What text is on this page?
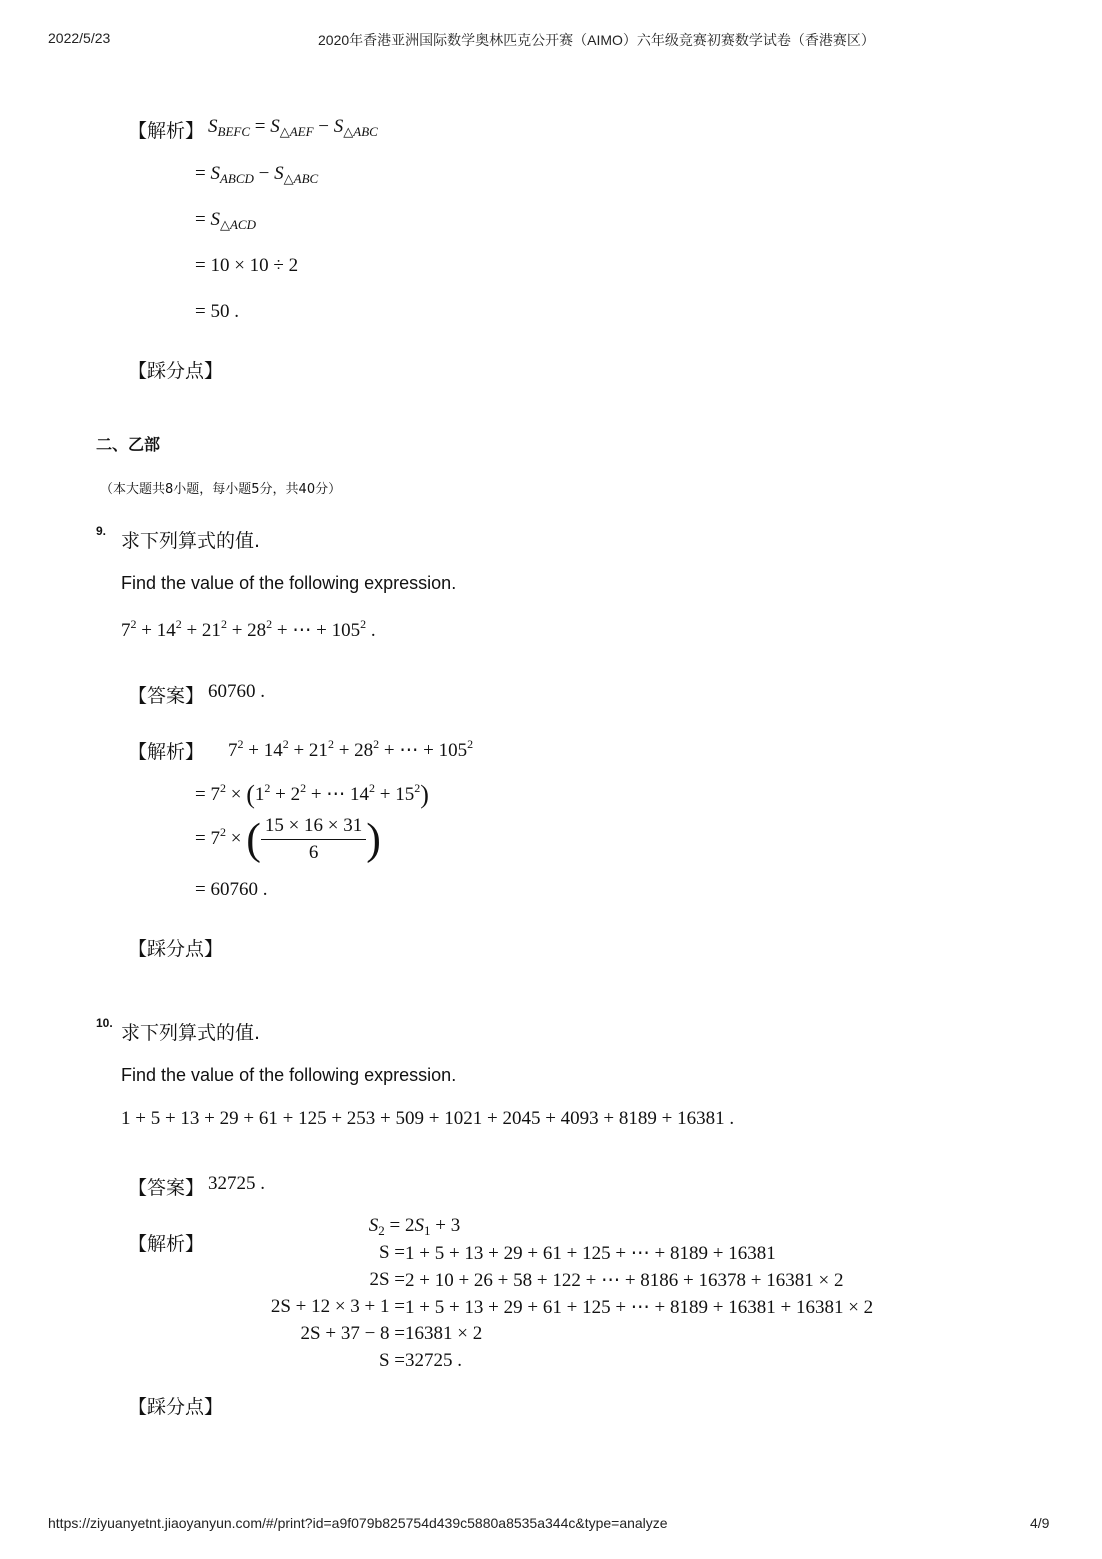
2022/5/23	2020年香港亚洲国际数学奥林匹克公开赛（AIMO）六年级竞赛初赛数学试卷（香港赛区）
【解析】 $S_{BEFC} = S_{\triangle AEF} - S_{\triangle ABC}$
= $S_{ABCD} - S_{\triangle ABC}$
= $S_{\triangle ACD}$
= 10 × 10 ÷ 2
= 50 .
【踩分点】
二、乙部
（本大题共8小题，每小题5分，共40分）
9. 求下列算式的值.
Find the value of the following expression.
$7^2 + 14^2 + 21^2 + 28^2$ + ⋯ + $105^2$ .
【答案】 60760 .
【解析】 $7^2 + 14^2 + 21^2 + 28^2$ + ⋯ + $105^2$
= $7^2 \times (1^2 + 2^2$ + ⋯ $14^2 + 15^2$)
= $7^2$ × ( $\frac{15 \times 16 \times 31}{6}$ )
= 60760 .
【踩分点】
10. 求下列算式的值.
Find the value of the following expression.
1 + 5 + 13 + 29 + 61 + 125 + 253 + 509 + 1021 + 2045 + 4093 + 8189 + 16381 .
【答案】 32725 .
【解析】
$S_2 = 2S_1 + 3$
S = 1 + 5 + 13 + 29 + 61 + 125 + ⋯ + 8189 + 16381
2S = 2 + 10 + 26 + 58 + 122 + ⋯ + 8186 + 16378 + 16381 × 2
2S + 12 × 3 + 1 = 1 + 5 + 13 + 29 + 61 + 125 + ⋯ + 8189 + 16381 + 16381 × 2
2S + 37 − 8 = 16381 × 2
S = 32725 .
【踩分点】
https://ziyuanyetnt.jiaoyanyun.com/#/print?id=a9f079b825754d439c5880a8535a344c&type=analyze	4/9
